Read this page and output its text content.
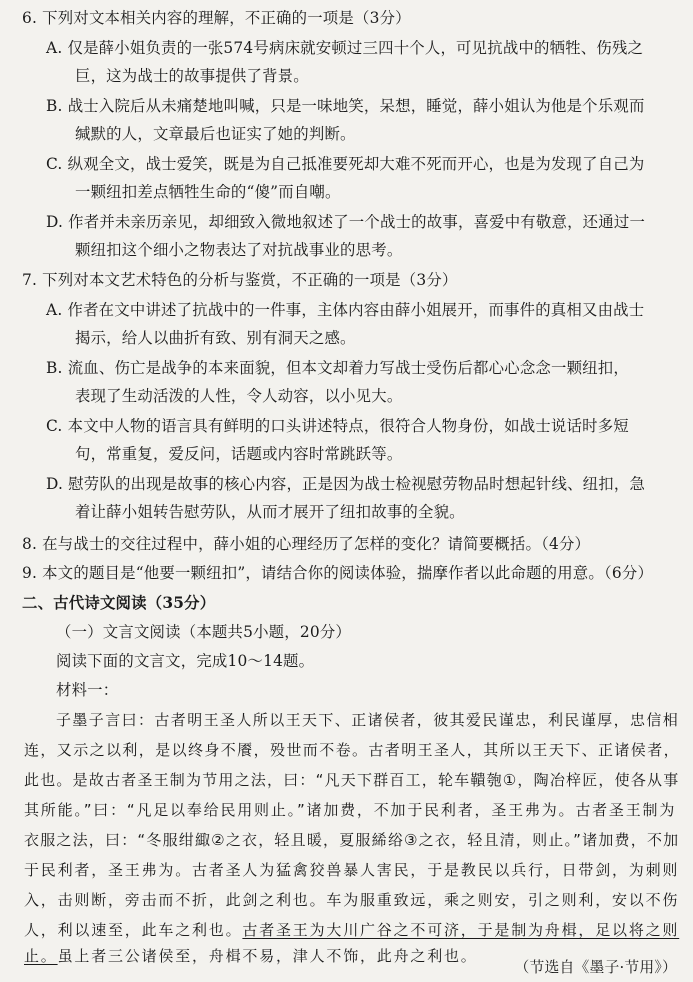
6. 下列对文本相关内容的理解，不正确的一项是（3分）
A. 仅是薛小姐负责的一张574号病床就安顿过三四十个人，可见抗战中的牺牲、伤残之
巨，这为战士的故事提供了背景。
B. 战士入院后从未痛楚地叫喊，只是一味地笑，呆想，睡觉，薛小姐认为他是个乐观而
缄默的人，文章最后也证实了她的判断。
C. 纵观全文，战士爱笑，既是为自己抵准要死却大难不死而开心，也是为发现了自己为
一颗纽扣差点牺牲生命的“傻”而自嘲。
D. 作者并未亲历亲见，却细致入微地叙述了一个战士的故事，喜爱中有敬意，还通过一
颗纽扣这个细小之物表达了对抗战事业的思考。
7. 下列对本文艺术特色的分析与鉴赏，不正确的一项是（3分）
A. 作者在文中讲述了抗战中的一件事，主体内容由薛小姐展开，而事件的真相又由战士
揭示，给人以曲折有致、别有洞天之感。
B. 流血、伤亡是战争的本来面貌，但本文却着力写战士受伤后都心心念念一颗纽扣，
表现了生动活泼的人性，令人动容，以小见大。
C. 本文中人物的语言具有鲜明的口头讲述特点，很符合人物身份，如战士说话时多短
句，常重复，爱反问，话题或内容时常跳跃等。
D. 慰劳队的出现是故事的核心内容，正是因为战士检视慰劳物品时想起针线、纽扣，急
着让薛小姐转告慰劳队，从而才展开了纽扣故事的全貌。
8. 在与战士的交往过程中，薛小姐的心理经历了怎样的变化？请简要概括。（4分）
9. 本文的题目是“他要一颗纽扣”，请结合你的阅读体验，揣摩作者以此命题的用意。（6分）
二、古代诗文阅读（35分）
（一）文言文阅读（本题共5小题，20分）
阅读下面的文言文，完成10～14题。
材料一：
子墨子言曰：古者明王圣人所以王天下、正诸侯者，彼其爱民谨忠，利民谨厚，忠信相
连，又示之以利，是以终身不餍，殁世而不卷。古者明王圣人，其所以王天下、正诸侯者，
此也。是故古者圣王制为节用之法，曰：“凡天下群百工，轮车鞼匏①，陶冶梓匠，使各从事
其所能。”曰：“凡足以奉给民用则止。”诸加费，不加于民利者，圣王弗为。古者圣王制为
衣服之法，曰：“冬服绀緅②之衣，轻且暖，夏服絺绤③之衣，轻且清，则止。”诸加费，不加
于民利者，圣王弗为。古者圣人为猛禽狡兽暴人害民，于是教民以兵行，日带剑，为刺则
入，击则断，旁击而不折，此剑之利也。车为服重致远，乘之则安，引之则利，安以不伤
人，利以速至，此车之利也。古者圣王为大川广谷之不可济，于是制为舟楫，足以将之则
止。虽上者三公诸侯至，舟楫不易，津人不饰，此舟之利也。
（节选自《墨子·节用》）
